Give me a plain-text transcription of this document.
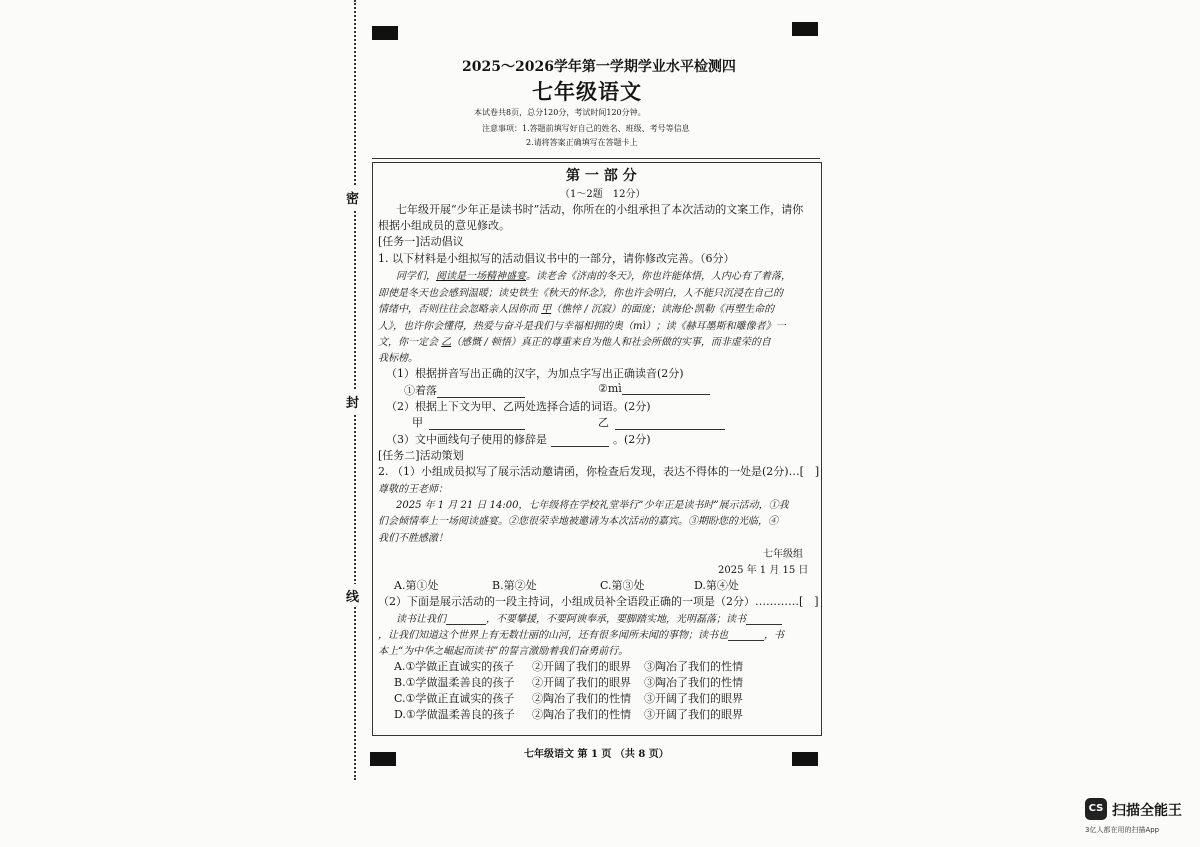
密
封
线
2025～2026学年第一学期学业水平检测四
七年级语文
本试卷共8页，总分120分，考试时间120分钟。
注意事项：1.答题前填写好自己的姓名、班级、考号等信息
2.请将答案正确填写在答题卡上
第 一 部 分
（1～2题　12分）
七年级开展“少年正是读书时”活动，你所在的小组承担了本次活动的文案工作，请你
根据小组成员的意见修改。
[任务一]活动倡议
1. 以下材料是小组拟写的活动倡议书中的一部分，请你修改完善。（6分）
同学们，阅读是一场精神盛宴。读老舍《济南的冬天》，你也许能体悟，人内心有了着落，
即使是冬天也会感到温暖；读史铁生《秋天的怀念》，你也许会明白，人不能只沉浸在自己的
情绪中，否则往往会忽略亲人因你而 甲（憔悴 / 沉寂）的面庞；读海伦·凯勒《再塑生命的
人》，也许你会懂得，热爱与奋斗是我们与幸福相拥的奥（mì）；读《赫耳墨斯和雕像者》一
文，你一定会 乙（感慨 / 顿悟）真正的尊重来自为他人和社会所做的实事，而非虚荣的自
我标榜。
（1）根据拼音写出正确的汉字，为加点字写出正确读音(2分)
①着落	②mì
（2）根据上下文为甲、乙两处选择合适的词语。(2分)
甲	乙
（3）文中画线句子使用的修辞是	。(2分)
[任务二]活动策划
2. （1）小组成员拟写了展示活动邀请函，你检查后发现，表达不得体的一处是(2分)…[　]
尊敬的王老师：
2025 年 1 月 21 日 14:00，七年级将在学校礼堂举行“少年正是读书时”展示活动，①我
们会倾情奉上一场阅读盛宴。②您很荣幸地被邀请为本次活动的嘉宾。③期盼您的光临，④
我们不胜感激！
七年级组
2025 年 1 月 15 日
A.第①处	B.第②处	C.第③处	D.第④处
（2）下面是展示活动的一段主持词，小组成员补全语段正确的一项是（2分）…………[　]
读书让我们	，不要攀援，不要阿谀奉承，要脚踏实地，光明磊落；读书
，让我们知道这个世界上有无数壮丽的山河，还有很多闻所未闻的事物；读书也	，书
本上“为中华之崛起而读书”的誓言激励着我们奋勇前行。
A.①学做正直诚实的孩子 ②开阔了我们的眼界 ③陶冶了我们的性情
B.①学做温柔善良的孩子 ②开阔了我们的眼界 ③陶冶了我们的性情
C.①学做正直诚实的孩子 ②陶冶了我们的性情 ③开阔了我们的眼界
D.①学做温柔善良的孩子 ②陶冶了我们的性情 ③开阔了我们的眼界
七年级语文 第 1 页 （共 8 页）
CS 扫描全能王
3亿人都在用的扫描App
